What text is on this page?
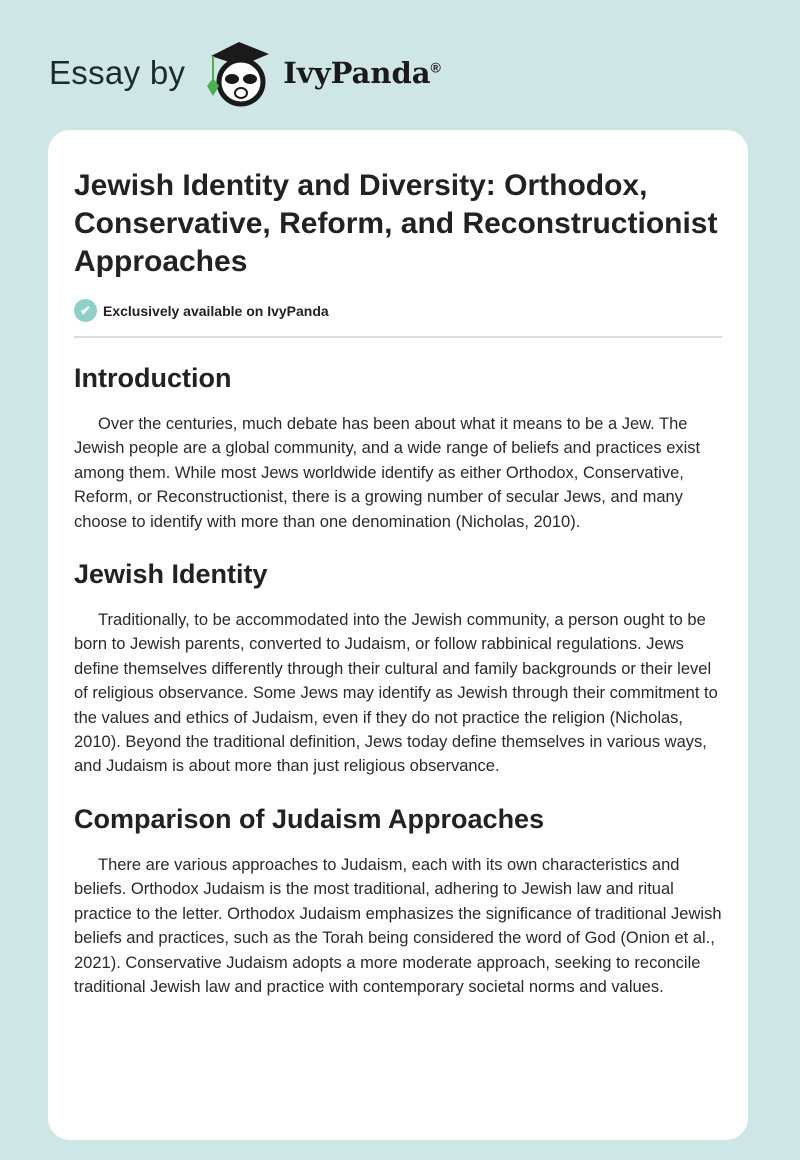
Essay by	IvyPanda®
Jewish Identity and Diversity: Orthodox, Conservative, Reform, and Reconstructionist Approaches
✔ Exclusively available on IvyPanda
Introduction

Over the centuries, much debate has been about what it means to be a Jew. The Jewish people are a global community, and a wide range of beliefs and practices exist among them. While most Jews worldwide identify as either Orthodox, Conservative, Reform, or Reconstructionist, there is a growing number of secular Jews, and many choose to identify with more than one denomination (Nicholas, 2010).

Jewish Identity

Traditionally, to be accommodated into the Jewish community, a person ought to be born to Jewish parents, converted to Judaism, or follow rabbinical regulations. Jews define themselves differently through their cultural and family backgrounds or their level of religious observance. Some Jews may identify as Jewish through their commitment to the values and ethics of Judaism, even if they do not practice the religion (Nicholas, 2010). Beyond the traditional definition, Jews today define themselves in various ways, and Judaism is about more than just religious observance.

Comparison of Judaism Approaches

There are various approaches to Judaism, each with its own characteristics and beliefs. Orthodox Judaism is the most traditional, adhering to Jewish law and ritual practice to the letter. Orthodox Judaism emphasizes the significance of traditional Jewish beliefs and practices, such as the Torah being considered the word of God (Onion et al., 2021). Conservative Judaism adopts a more moderate approach, seeking to reconcile traditional Jewish law and practice with contemporary societal norms and values.
